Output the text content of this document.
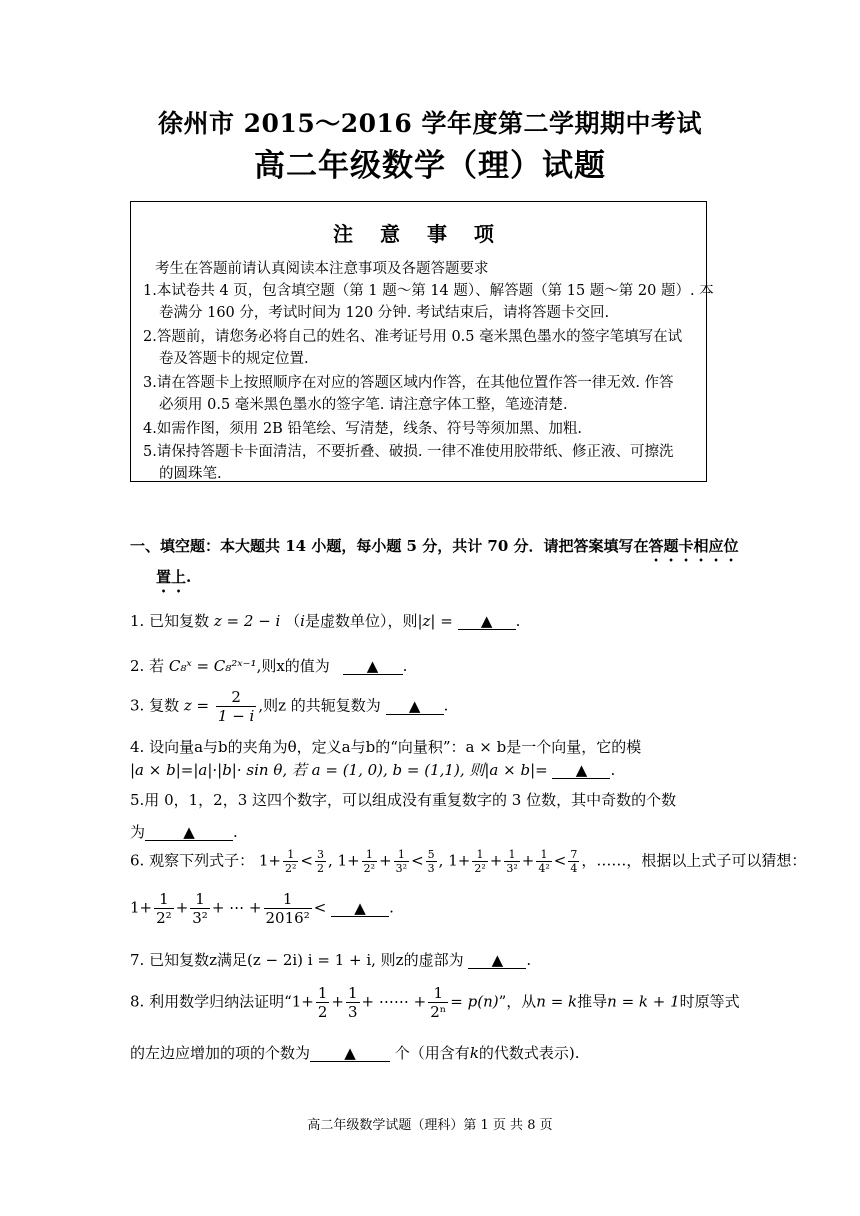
徐州市 2015～2016 学年度第二学期期中考试
高二年级数学（理）试题
注 意 事 项
考生在答题前请认真阅读本注意事项及各题答题要求
1.本试卷共 4 页，包含填空题（第 1 题～第 14 题）、解答题（第 15 题～第 20 题）. 本
卷满分 160 分，考试时间为 120 分钟. 考试结束后，请将答题卡交回.
2.答题前，请您务必将自己的姓名、准考证号用 0.5 毫米黑色墨水的签字笔填写在试
卷及答题卡的规定位置.
3.请在答题卡上按照顺序在对应的答题区域内作答，在其他位置作答一律无效. 作答
必须用 0.5 毫米黑色墨水的签字笔. 请注意字体工整，笔迹清楚.
4.如需作图，须用 2B 铅笔绘、写清楚，线条、符号等须加黑、加粗.
5.请保持答题卡卡面清洁，不要折叠、破损. 一律不准使用胶带纸、修正液、可擦洗
的圆珠笔.
一、填空题：本大题共 14 小题，每小题 5 分，共计 70 分．请把答案填写在答题卡相应位
置上.
1. 已知复数 z = 2 − i （i是虚数单位），则|z| = ▲ .
2. 若 C₈ˣ = C₈²ˣ⁻¹,则x的值为 ▲ .
3. 复数 $z = \frac{2}{1 - i}$ ,则z 的共轭复数为 ▲ .
4. 设向量a与b的夹角为θ，定义a与b的“向量积”：a × b是一个向量，它的模
|a × b|=|a|·|b|· sin θ, 若 a = (1, 0), b = (1,1), 则|a × b|= ▲ .
5.用 0，1，2，3 这四个数字，可以组成没有重复数字的 3 位数，其中奇数的个数
为	▲	.
6. 观察下列式子： $1+ \frac{1}{\text{2²}} < \frac{3}{2}$ , $1+ \frac{1}{\text{2²}} + \frac{1}{\text{3²}} < \frac{5}{3}$ , $1+ \frac{1}{\text{2²}} + \frac{1}{\text{3²}} + \frac{1}{\text{4²}} < \frac{7}{4}$ ，……，根据以上式子可以猜想：
$1+ \frac{1}{\text{2²}} + \frac{1}{\text{3²}}$ + ⋯ + $\frac{1}{\text{2016²}}$ < ▲ .
7. 已知复数z满足(z − 2i) i = 1 + i, 则z的虚部为 ▲ .
8. 利用数学归纳法证明“$1+ \frac{1}{2} + \frac{1}{3}$ + ⋯⋯ + $\frac{1}{\text{2ⁿ}} = p(n)$”，从n = k推导n = k + 1时原等式
的左边应增加的项的个数为 ▲	个（用含有k的代数式表示).
高二年级数学试题（理科）第 1 页 共 8 页
